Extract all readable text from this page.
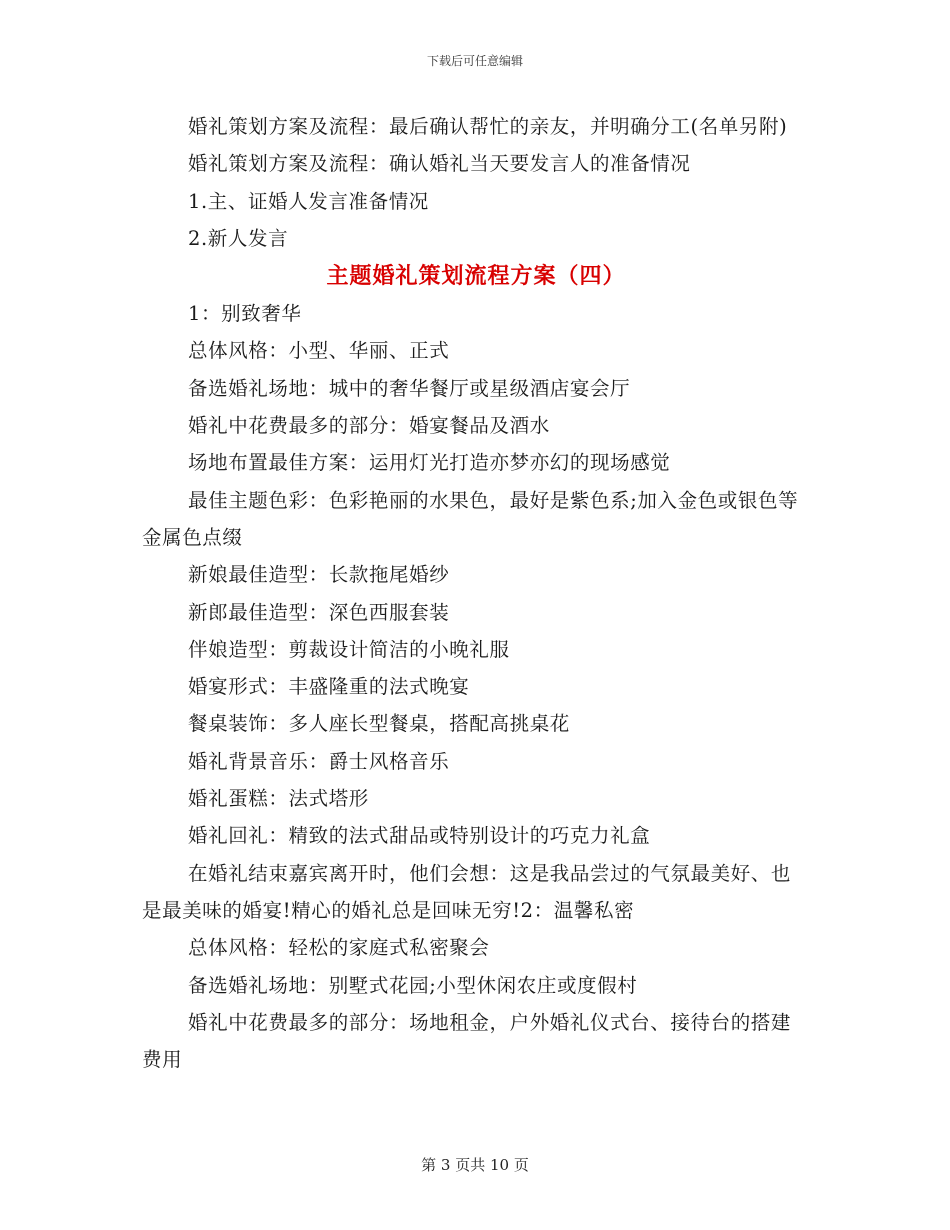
下载后可任意编辑

婚礼策划方案及流程：最后确认帮忙的亲友，并明确分工(名单另附)

婚礼策划方案及流程：确认婚礼当天要发言人的准备情况

1.主、证婚人发言准备情况

2.新人发言

主题婚礼策划流程方案（四）

1：别致奢华

总体风格：小型、华丽、正式

备选婚礼场地：城中的奢华餐厅或星级酒店宴会厅

婚礼中花费最多的部分：婚宴餐品及酒水

场地布置最佳方案：运用灯光打造亦梦亦幻的现场感觉

最佳主题色彩：色彩艳丽的水果色，最好是紫色系;加入金色或银色等金属色点缀

新娘最佳造型：长款拖尾婚纱

新郎最佳造型：深色西服套装

伴娘造型：剪裁设计简洁的小晚礼服

婚宴形式：丰盛隆重的法式晚宴

餐桌装饰：多人座长型餐桌，搭配高挑桌花

婚礼背景音乐：爵士风格音乐

婚礼蛋糕：法式塔形

婚礼回礼：精致的法式甜品或特别设计的巧克力礼盒

在婚礼结束嘉宾离开时，他们会想：这是我品尝过的气氛最美好、也是最美味的婚宴!精心的婚礼总是回味无穷!2：温馨私密

总体风格：轻松的家庭式私密聚会

备选婚礼场地：别墅式花园;小型休闲农庄或度假村

婚礼中花费最多的部分：场地租金，户外婚礼仪式台、接待台的搭建费用

第 3 页共 10 页
